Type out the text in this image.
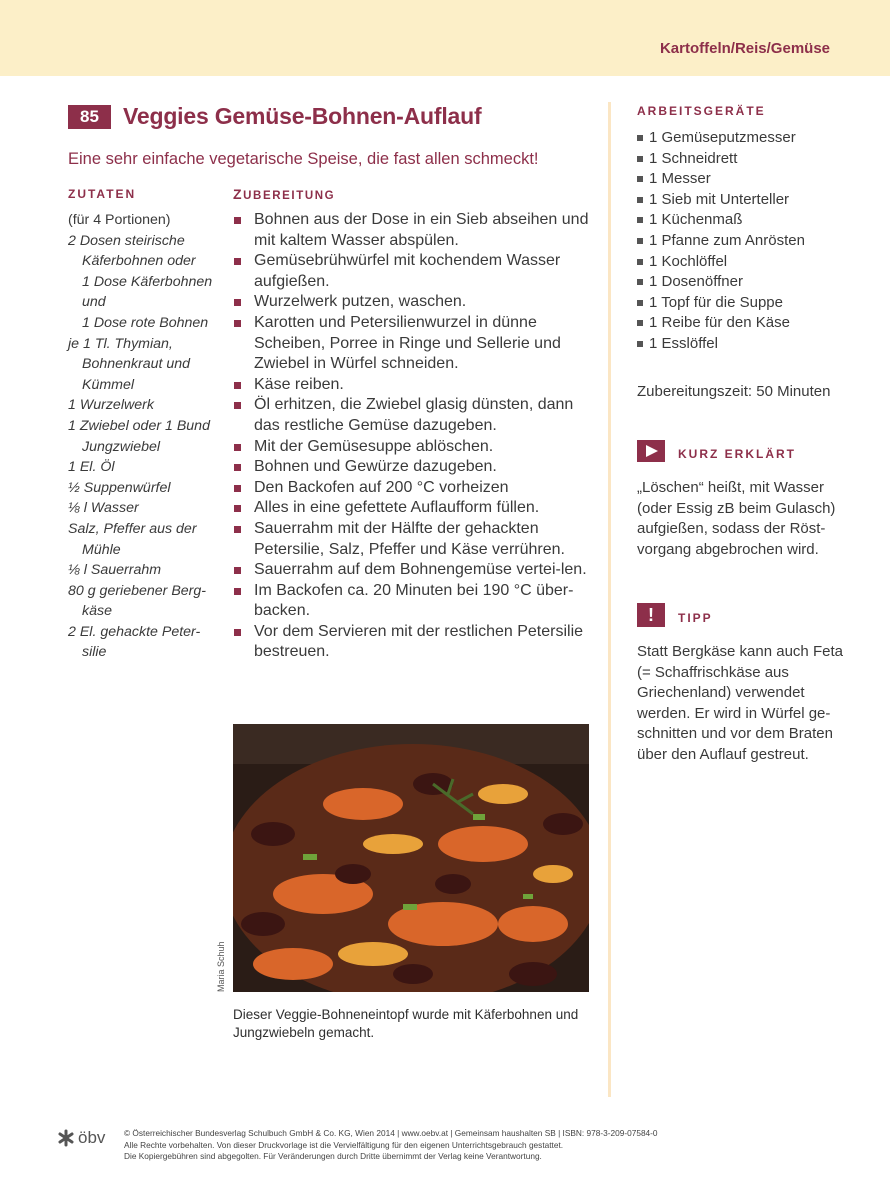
Kartoffeln/Reis/Gemüse
85	Veggies Gemüse-Bohnen-Auflauf
Eine sehr einfache vegetarische Speise, die fast allen schmeckt!
ZUTATEN
(für 4 Portionen)
2 Dosen steirische
Käferbohnen oder
1 Dose Käferbohnen
und
1 Dose rote Bohnen
je 1 Tl. Thymian,
Bohnenkraut und
Kümmel
1 Wurzelwerk
1 Zwiebel oder 1 Bund
Jungzwiebel
1 El. Öl
½ Suppenwürfel
⅛ l Wasser
Salz, Pfeffer aus der
Mühle
⅛ l Sauerrahm
80 g geriebener Berg-
käse
2 El. gehackte Peter-
silie
ZUBEREITUNG
Bohnen aus der Dose in ein Sieb abseihen und mit kaltem Wasser abspülen.
Gemüsebrühwürfel mit kochendem Wasser aufgießen.
Wurzelwerk putzen, waschen.
Karotten und Petersilienwurzel in dünne Scheiben, Porree in Ringe und Sellerie und Zwiebel in Würfel schneiden.
Käse reiben.
Öl erhitzen, die Zwiebel glasig dünsten, dann das restliche Gemüse dazugeben.
Mit der Gemüsesuppe ablöschen.
Bohnen und Gewürze dazugeben.
Den Backofen auf 200 °C vorheizen
Alles in eine gefettete Auflaufform füllen.
Sauerrahm mit der Hälfte der gehackten Petersilie, Salz, Pfeffer und Käse verrühren.
Sauerrahm auf dem Bohnengemüse vertei-len.
Im Backofen ca. 20 Minuten bei 190 °C über-backen.
Vor dem Servieren mit der restlichen Petersilie bestreuen.
Maria Schuh
Dieser Veggie-Bohneneintopf wurde mit Käferbohnen und Jungzwiebeln gemacht.
ARBEITSGERÄTE
1 Gemüseputzmesser
1 Schneidrett
1 Messer
1 Sieb mit Unterteller
1 Küchenmaß
1 Pfanne zum Anrösten
1 Kochlöffel
1 Dosenöffner
1 Topf für die Suppe
1 Reibe für den Käse
1 Esslöffel
Zubereitungszeit: 50 Minuten
KURZ ERKLÄRT
„Löschen“ heißt, mit Wasser (oder Essig zB beim Gulasch) aufgießen, sodass der Röst-vorgang abgebrochen wird.
!	TIPP
Statt Bergkäse kann auch Feta (= Schaffrischkäse aus Griechenland) verwendet werden. Er wird in Würfel ge-schnitten und vor dem Braten über den Auflauf gestreut.
öbv © Österreichischer Bundesverlag Schulbuch GmbH & Co. KG, Wien 2014 | www.oebv.at | Gemeinsam haushalten SB | ISBN: 978-3-209-07584-0
Alle Rechte vorbehalten. Von dieser Druckvorlage ist die Vervielfältigung für den eigenen Unterrichtsgebrauch gestattet.
Die Kopiergebühren sind abgegolten. Für Veränderungen durch Dritte übernimmt der Verlag keine Verantwortung.
